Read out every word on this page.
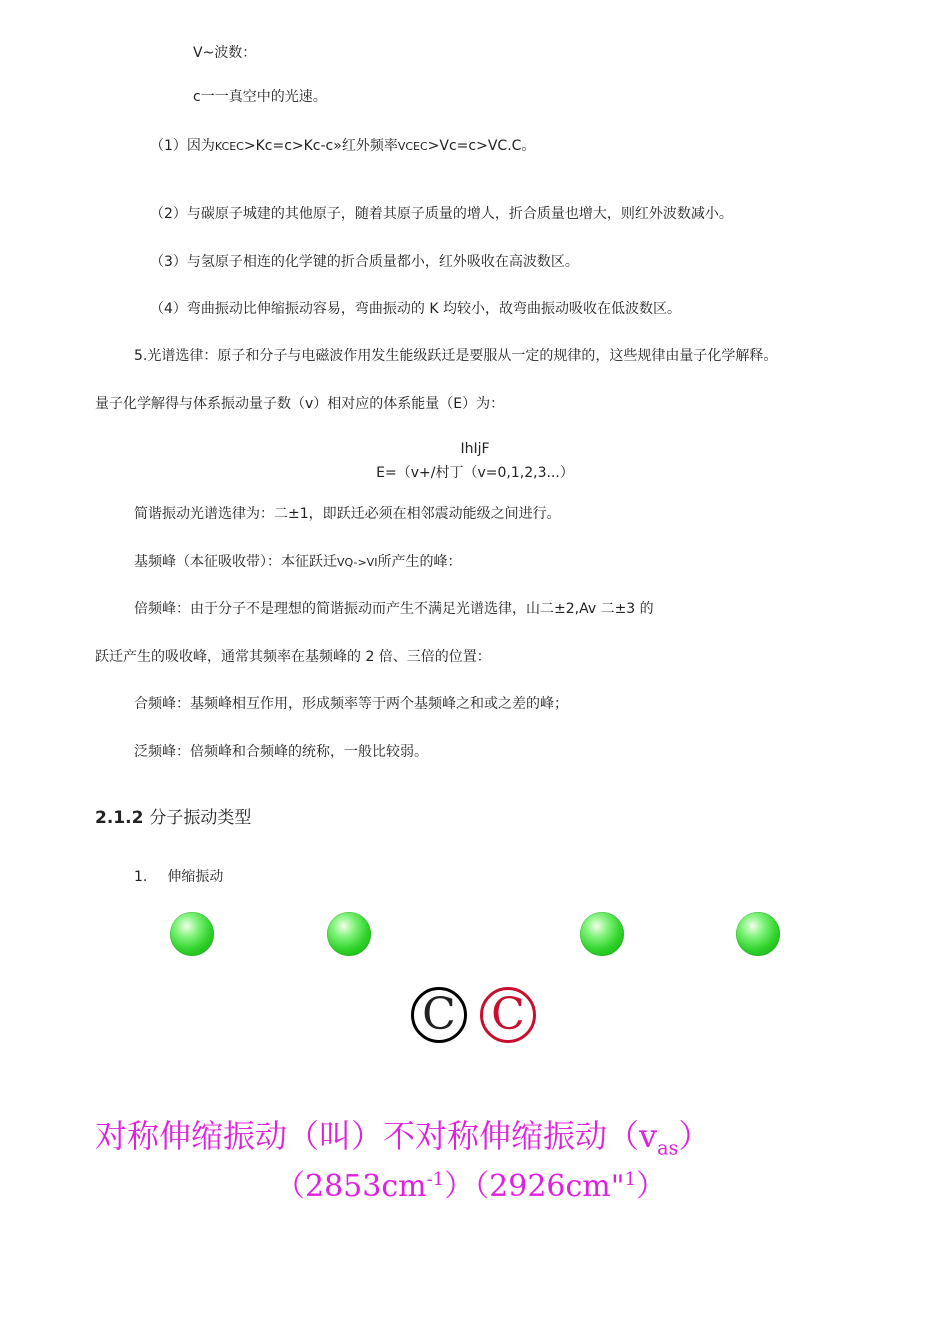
V~波数：
c一一真空中的光速。
（1）因为KCEC>Kc=c>Kc-c»红外频率VCEC>Vc=c>VC.C。
（2）与碳原子城建的其他原子，随着其原子质量的增人，折合质量也增大，则红外波数减小。
（3）与氢原子相连的化学键的折合质量都小，红外吸收在高波数区。
（4）弯曲振动比伸缩振动容易，弯曲振动的 K 均较小，故弯曲振动吸收在低波数区。
5.光谱选律：原子和分子与电磁波作用发生能级跃迁是要服从一定的规律的，这些规律由量子化学解释。
量子化学解得与体系振动量子数（v）相对应的体系能量（E）为：
IhIjF
E=（v+/村丁（v=0,1,2,3...）
简谐振动光谱选律为：二±1，即跃迁必须在相邻震动能级之间进行。
基频峰（本征吸收带）：本征跃迁VQ->VI所产生的峰：
倍频峰：由于分子不是理想的简谐振动而产生不满足光谱选律，山二±2,Av 二±3 的
跃迁产生的吸收峰，通常其频率在基频峰的 2 倍、三倍的位置：
合频峰：基频峰相互作用，形成频率等于两个基频峰之和或之差的峰；
泛频峰：倍频峰和合频峰的统称，一般比较弱。
2.1.2 分子振动类型
1. 伸缩振动
C C
对称伸缩振动（叫）不对称伸缩振动$(v_{as})$
$(2853cm^{-1})(2926cm"^1)$
